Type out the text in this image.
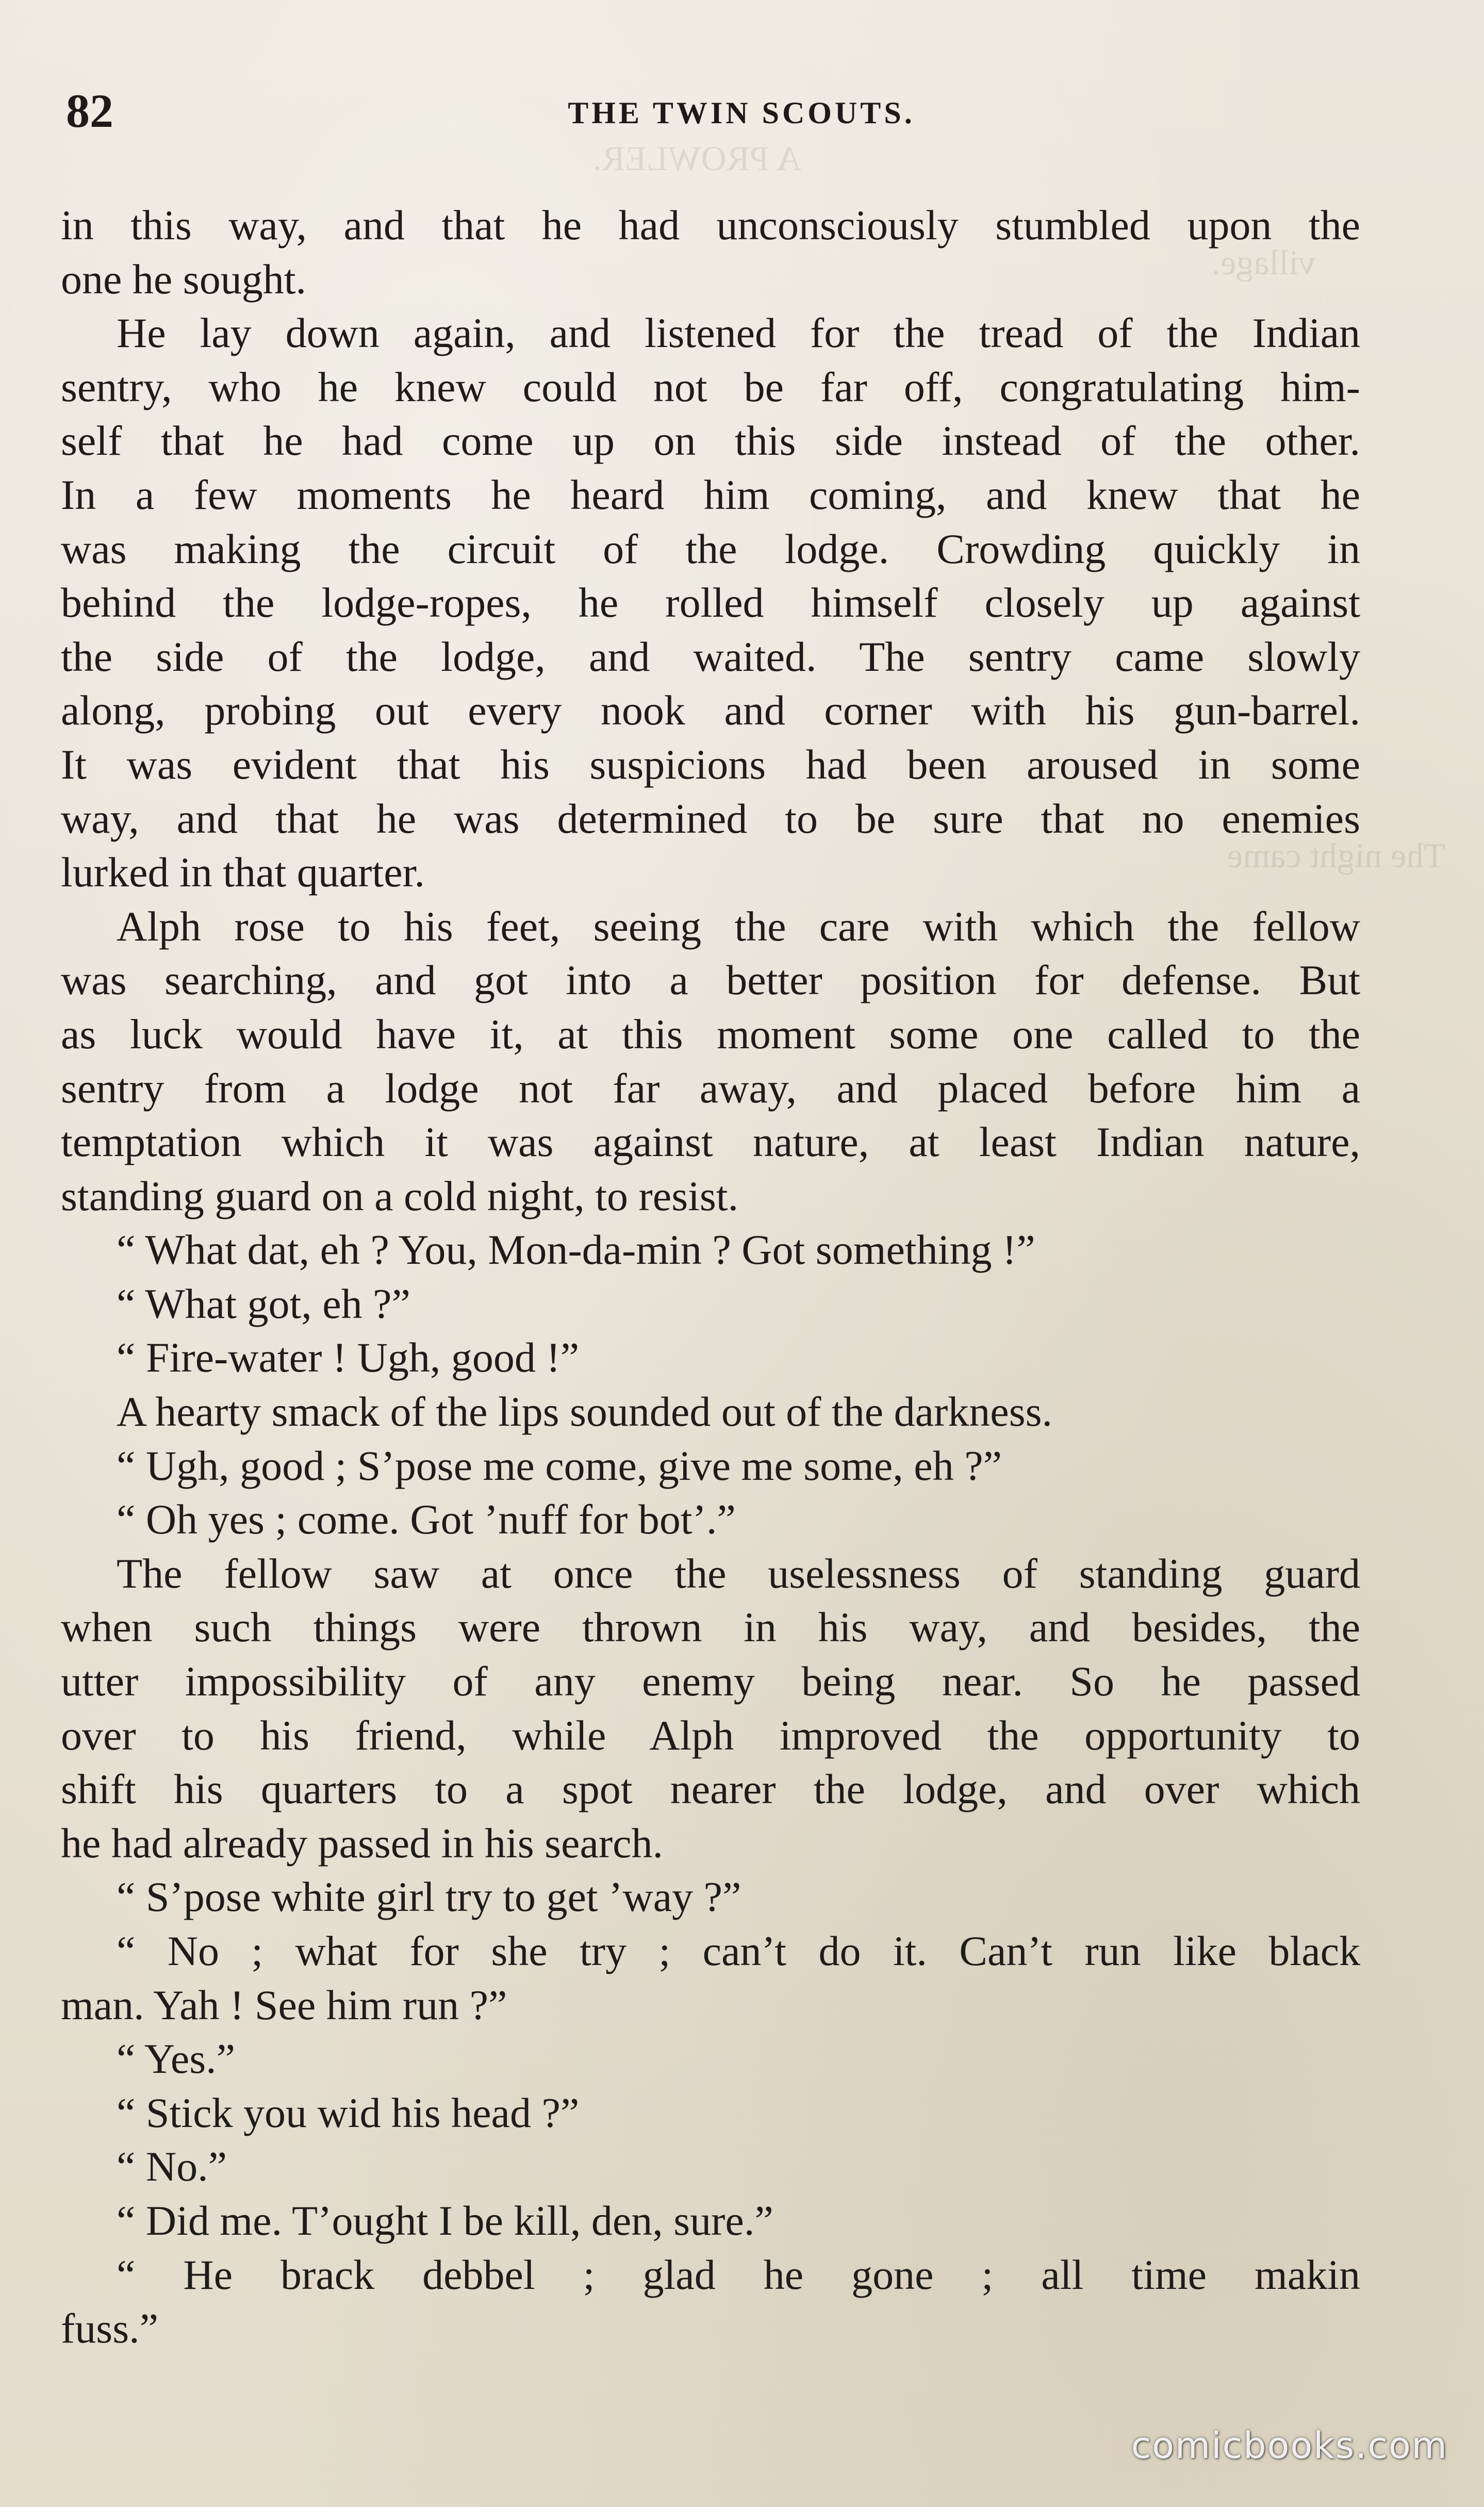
A PROWLER.
village.
The night came
82	THE TWIN SCOUTS.

in this way, and that he had unconsciously stumbled upon the

one he sought.

He lay down again, and listened for the tread of the Indian

sentry, who he knew could not be far off, congratulating him-

self that he had come up on this side instead of the other.

In a few moments he heard him coming, and knew that he

was making the circuit of the lodge. Crowding quickly in

behind the lodge-ropes, he rolled himself closely up against

the side of the lodge, and waited. The sentry came slowly

along, probing out every nook and corner with his gun-barrel.

It was evident that his suspicions had been aroused in some

way, and that he was determined to be sure that no enemies

lurked in that quarter.

Alph rose to his feet, seeing the care with which the fellow

was searching, and got into a better position for defense. But

as luck would have it, at this moment some one called to the

sentry from a lodge not far away, and placed before him a

temptation which it was against nature, at least Indian nature,

standing guard on a cold night, to resist.

“ What dat, eh ? You, Mon-da-min ? Got something !”

“ What got, eh ?”

“ Fire-water ! Ugh, good !”

A hearty smack of the lips sounded out of the darkness.

“ Ugh, good ; S’pose me come, give me some, eh ?”

“ Oh yes ; come. Got ’nuff for bot’.”

The fellow saw at once the uselessness of standing guard

when such things were thrown in his way, and besides, the

utter impossibility of any enemy being near. So he passed

over to his friend, while Alph improved the opportunity to

shift his quarters to a spot nearer the lodge, and over which

he had already passed in his search.

“ S’pose white girl try to get ’way ?”

“ No ; what for she try ; can’t do it. Can’t run like black

man. Yah ! See him run ?”

“ Yes.”

“ Stick you wid his head ?”

“ No.”

“ Did me. T’ought I be kill, den, sure.”

“ He brack debbel ; glad he gone ; all time makin

fuss.”

comicbooks.com
